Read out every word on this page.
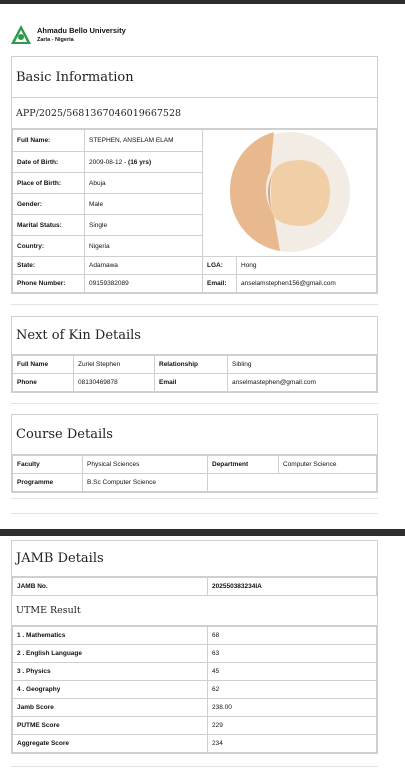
Ahmadu Bello University
Zaria - Nigeria
Basic Information
APP/2025/5681367046019667528
Full Name:	STEPHEN, ANSELAM ELAM	
Date of Birth:	2009-08-12 - (16 yrs)		
Place of Birth:	Abuja		
Gender:	Male		
Marital Status:	Single		
Country:	Nigeria		
State:	Adamawa	LGA:	Hong
Phone Number:	09159382089	Email:	anselamstephen156@gmail.com
Next of Kin Details
Full Name	Zuriel Stephen	Relationship	Sibling
Phone	08130469878	Email	anselmastephen@gmail.com
Course Details
Faculty	Physical Sciences	Department	Computer Science
Programme	B.Sc Computer Science		
JAMB Details
JAMB No.	202550383234IA
UTME Result
1 . Mathematics	68
2 . English Language	63
3 . Physics	45
4 . Geography	62
Jamb Score	238.00
PUTME Score	229
Aggregate Score	234
